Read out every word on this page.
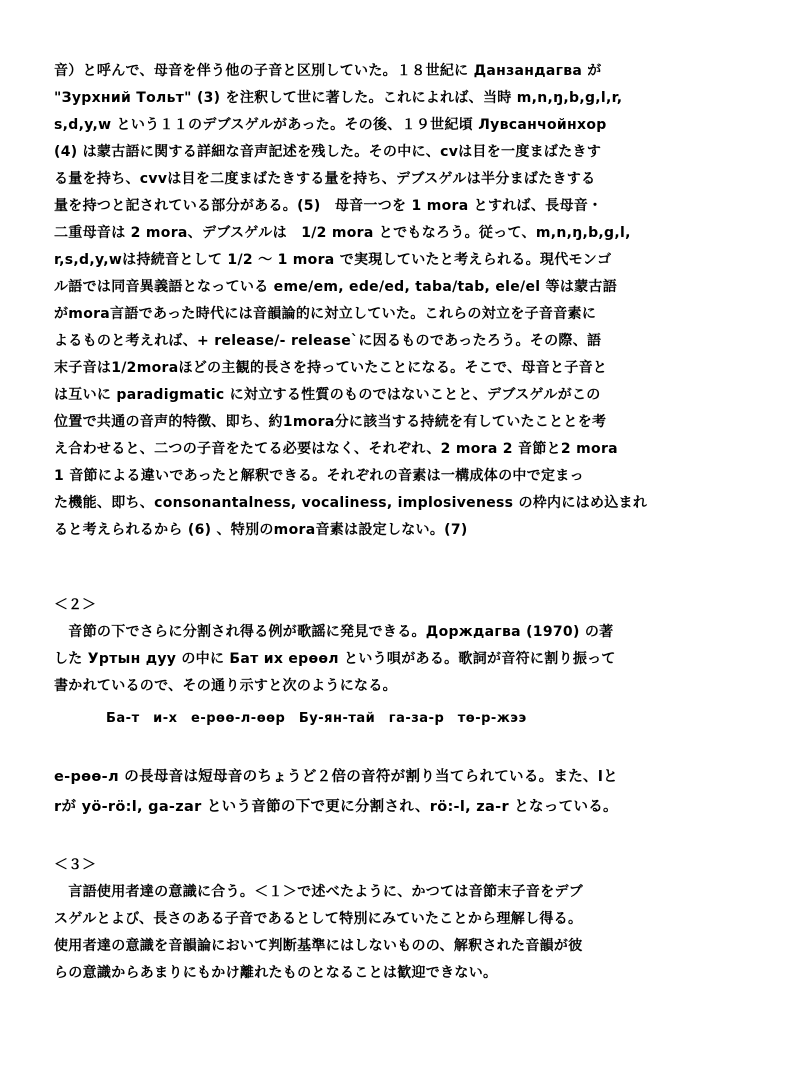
音）と呼んで、母音を伴う他の子音と区別していた。１８世紀に Данзандагва が
"Зурхний Тольт" (3) を注釈して世に著した。これによれば、当時 m,n,ŋ,b,g,l,r,
s,d,y,w という１１のデブスゲルがあった。その後、１９世紀頃 Лувсанчойнхор
(4) は蒙古語に関する詳細な音声記述を残した。その中に、cvは目を一度まばたきす
る量を持ち、cvvは目を二度まばたきする量を持ち、デブスゲルは半分まばたきする
量を持つと記されている部分がある。(5)　母音一つを 1 mora とすれば、長母音・
二重母音は 2 mora、デブスゲルは　1/2 mora とでもなろう。従って、m,n,ŋ,b,g,l,
r,s,d,y,wは持続音として 1/2 ～ 1 mora で実現していたと考えられる。現代モンゴ
ル語では同音異義語となっている eme/em, ede/ed, taba/tab, ele/el 等は蒙古語
がmora言語であった時代には音韻論的に対立していた。これらの対立を子音音素に
よるものと考えれば、+ release/- release`に因るものであったろう。その際、語
末子音は1/2moraほどの主観的長さを持っていたことになる。そこで、母音と子音と
は互いに paradigmatic に対立する性質のものではないことと、デブスゲルがこの
位置で共通の音声的特徴、即ち、約1mora分に該当する持続を有していたこととを考
え合わせると、二つの子音をたてる必要はなく、それぞれ、2 mora 2 音節と2 mora
1 音節による違いであったと解釈できる。それぞれの音素は一構成体の中で定まっ
た機能、即ち、consonantalness, vocaliness, implosiveness の枠内にはめ込まれ
ると考えられるから (6) 、特別のmora音素は設定しない。(7)
＜２＞
　音節の下でさらに分割され得る例が歌謡に発見できる。Дорждагва (1970) の著
した Уртын дуу の中に Бат их ерөөл という唄がある。歌詞が音符に割り振って
書かれているので、その通り示すと次のようになる。
Ба-т　и-х　е-рөө-л-өөр　Бу-ян-тай　га-за-р　тө-р-жээ
е-рөө-л の長母音は短母音のちょうど２倍の音符が割り当てられている。また、lと
rが yö-rö:l, ga-zar という音節の下で更に分割され、rö:-l, za-r となっている。
＜３＞
　言語使用者達の意識に合う。＜１＞で述べたように、かつては音節末子音をデブ
スゲルとよび、長さのある子音であるとして特別にみていたことから理解し得る。
使用者達の意識を音韻論において判断基準にはしないものの、解釈された音韻が彼
らの意識からあまりにもかけ離れたものとなることは歓迎できない。
